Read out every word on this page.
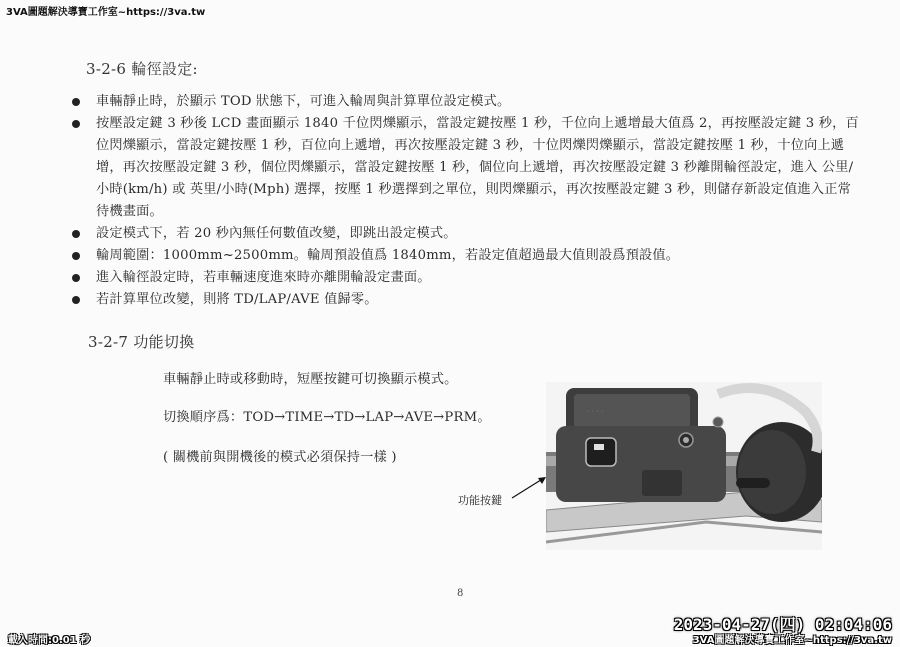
3VA圖題解決導寶工作室~https://3va.tw
3-2-6 輪徑設定:
車輛靜止時，於顯示 TOD 狀態下，可進入輪周與計算單位設定模式。
按壓設定鍵 3 秒後 LCD 畫面顯示 1840 千位閃爍顯示，當設定鍵按壓 1 秒，千位向上遞增最大值爲 2，再按壓設定鍵 3 秒，百位閃爍顯示，當設定鍵按壓 1 秒，百位向上遞增，再次按壓設定鍵 3 秒，十位閃爍閃爍顯示，當設定鍵按壓 1 秒，十位向上遞增，再次按壓設定鍵 3 秒，個位閃爍顯示，當設定鍵按壓 1 秒，個位向上遞增，再次按壓設定鍵 3 秒離開輪徑設定，進入 公里/小時(km/h) 或 英里/小時(Mph) 選擇，按壓 1 秒選擇到之單位，則閃爍顯示，再次按壓設定鍵 3 秒，則儲存新設定值進入正常待機畫面。
設定模式下，若 20 秒內無任何數值改變，即跳出設定模式。
輪周範圍：1000mm~2500mm。輪周預設值爲 1840mm，若設定值超過最大值則設爲預設值。
進入輪徑設定時，若車輛速度進來時亦離開輪設定畫面。
若計算單位改變，則將 TD/LAP/AVE 值歸零。
3-2-7 功能切換
車輛靜止時或移動時，短壓按鍵可切換顯示模式。
切換順序爲：TOD→TIME→TD→LAP→AVE→PRM。
( 關機前與開機後的模式必須保持一樣 )
· · · ·
功能按鍵
8
2023-04-27(四) 02:04:06
3VA圖題解決導寶工作室~https://3va.tw
載入時間:0.01 秒
